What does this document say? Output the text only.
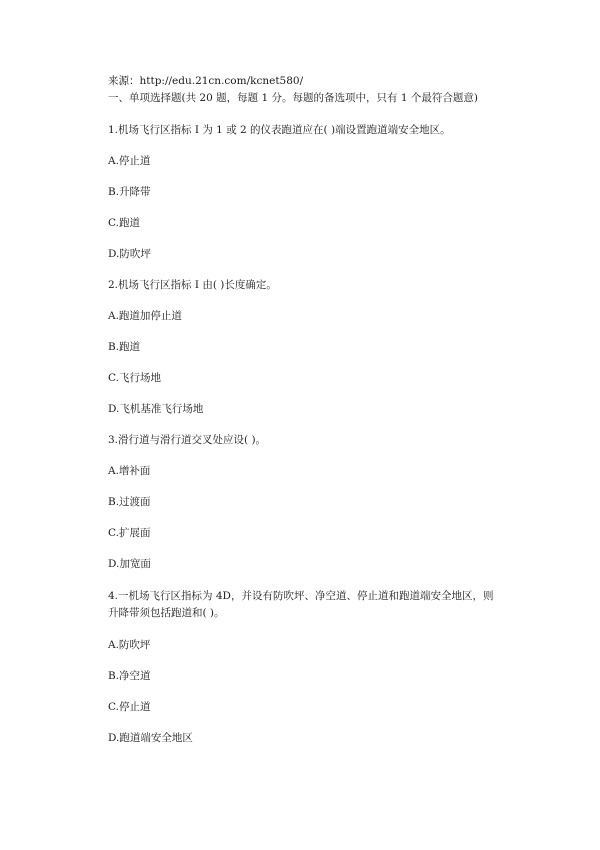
来源：http://edu.21cn.com/kcnet580/
一、单项选择题(共 20 题，每题 1 分。每题的备选项中，只有 1 个最符合题意)
1.机场飞行区指标 I 为 1 或 2 的仪表跑道应在( )端设置跑道端安全地区。
A.停止道
B.升降带
C.跑道
D.防吹坪
2.机场飞行区指标 I 由( )长度确定。
A.跑道加停止道
B.跑道
C.飞行场地
D.飞机基准飞行场地
3.滑行道与滑行道交叉处应设( )。
A.增补面
B.过渡面
C.扩展面
D.加宽面
4.一机场飞行区指标为 4D，并设有防吹坪、净空道、停止道和跑道端安全地区，则升降带须包括跑道和( )。
A.防吹坪
B.净空道
C.停止道
D.跑道端安全地区
